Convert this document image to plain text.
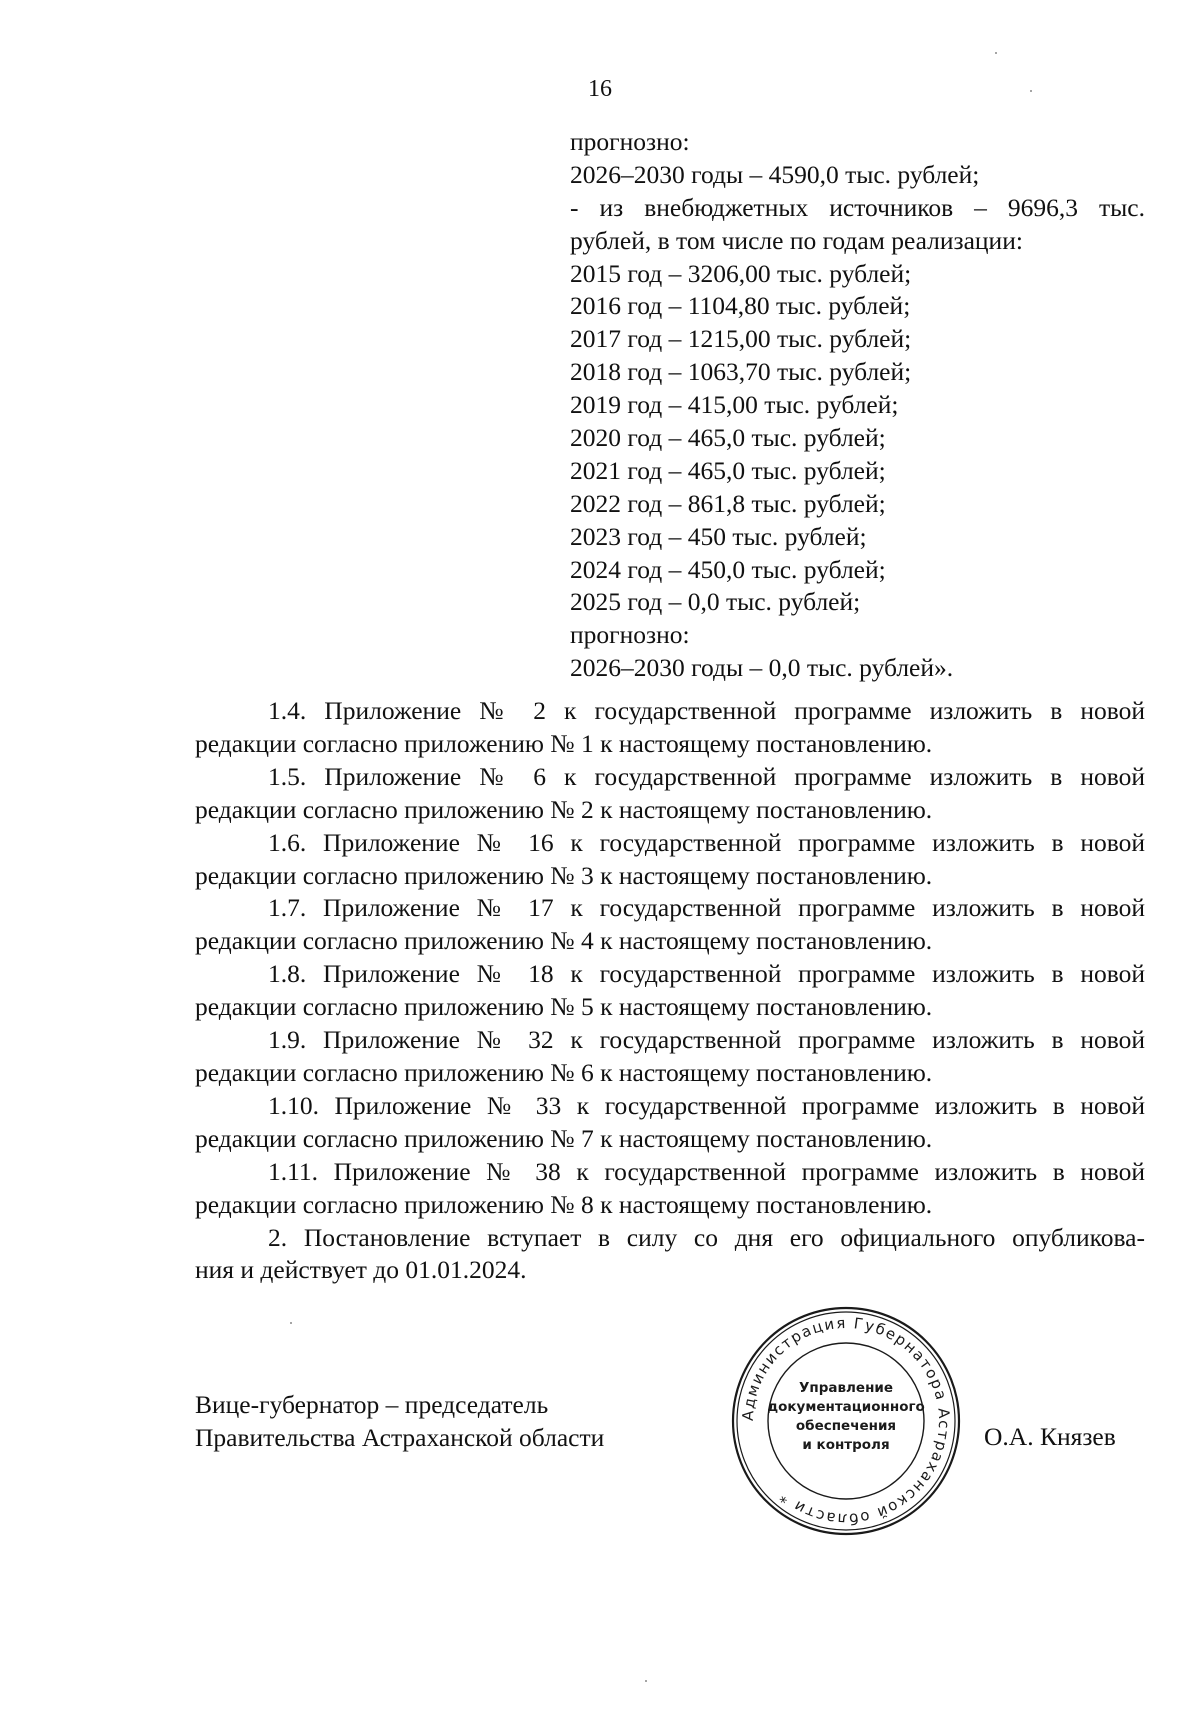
16
прогнозно:
2026–2030 годы – 4590,0 тыс. рублей;
- из внебюджетных источников – 9696,3 тыс.
рублей, в том числе по годам реализации:
2015 год – 3206,00 тыс. рублей;
2016 год – 1104,80 тыс. рублей;
2017 год – 1215,00 тыс. рублей;
2018 год – 1063,70 тыс. рублей;
2019 год – 415,00 тыс. рублей;
2020 год – 465,0 тыс. рублей;
2021 год – 465,0 тыс. рублей;
2022 год – 861,8 тыс. рублей;
2023 год – 450 тыс. рублей;
2024 год – 450,0 тыс. рублей;
2025 год – 0,0 тыс. рублей;
прогнозно:
2026–2030 годы – 0,0 тыс. рублей».

1.4. Приложение № 2 к государственной программе изложить в новой
редакции согласно приложению № 1 к настоящему постановлению.

1.5. Приложение № 6 к государственной программе изложить в новой
редакции согласно приложению № 2 к настоящему постановлению.

1.6. Приложение № 16 к государственной программе изложить в новой
редакции согласно приложению № 3 к настоящему постановлению.

1.7. Приложение № 17 к государственной программе изложить в новой
редакции согласно приложению № 4 к настоящему постановлению.

1.8. Приложение № 18 к государственной программе изложить в новой
редакции согласно приложению № 5 к настоящему постановлению.

1.9. Приложение № 32 к государственной программе изложить в новой
редакции согласно приложению № 6 к настоящему постановлению.

1.10. Приложение № 33 к государственной программе изложить в новой
редакции согласно приложению № 7 к настоящему постановлению.

1.11. Приложение № 38 к государственной программе изложить в новой
редакции согласно приложению № 8 к настоящему постановлению.

2. Постановление вступает в силу со дня его официального опубликова-
ния и действует до 01.01.2024.

Вице-губернатор – председатель
Правительства Астраханской области
Администрация Губернатора Астраханской области *
Управление
документационного
обеспечения
и контроля	О.А. Князев
